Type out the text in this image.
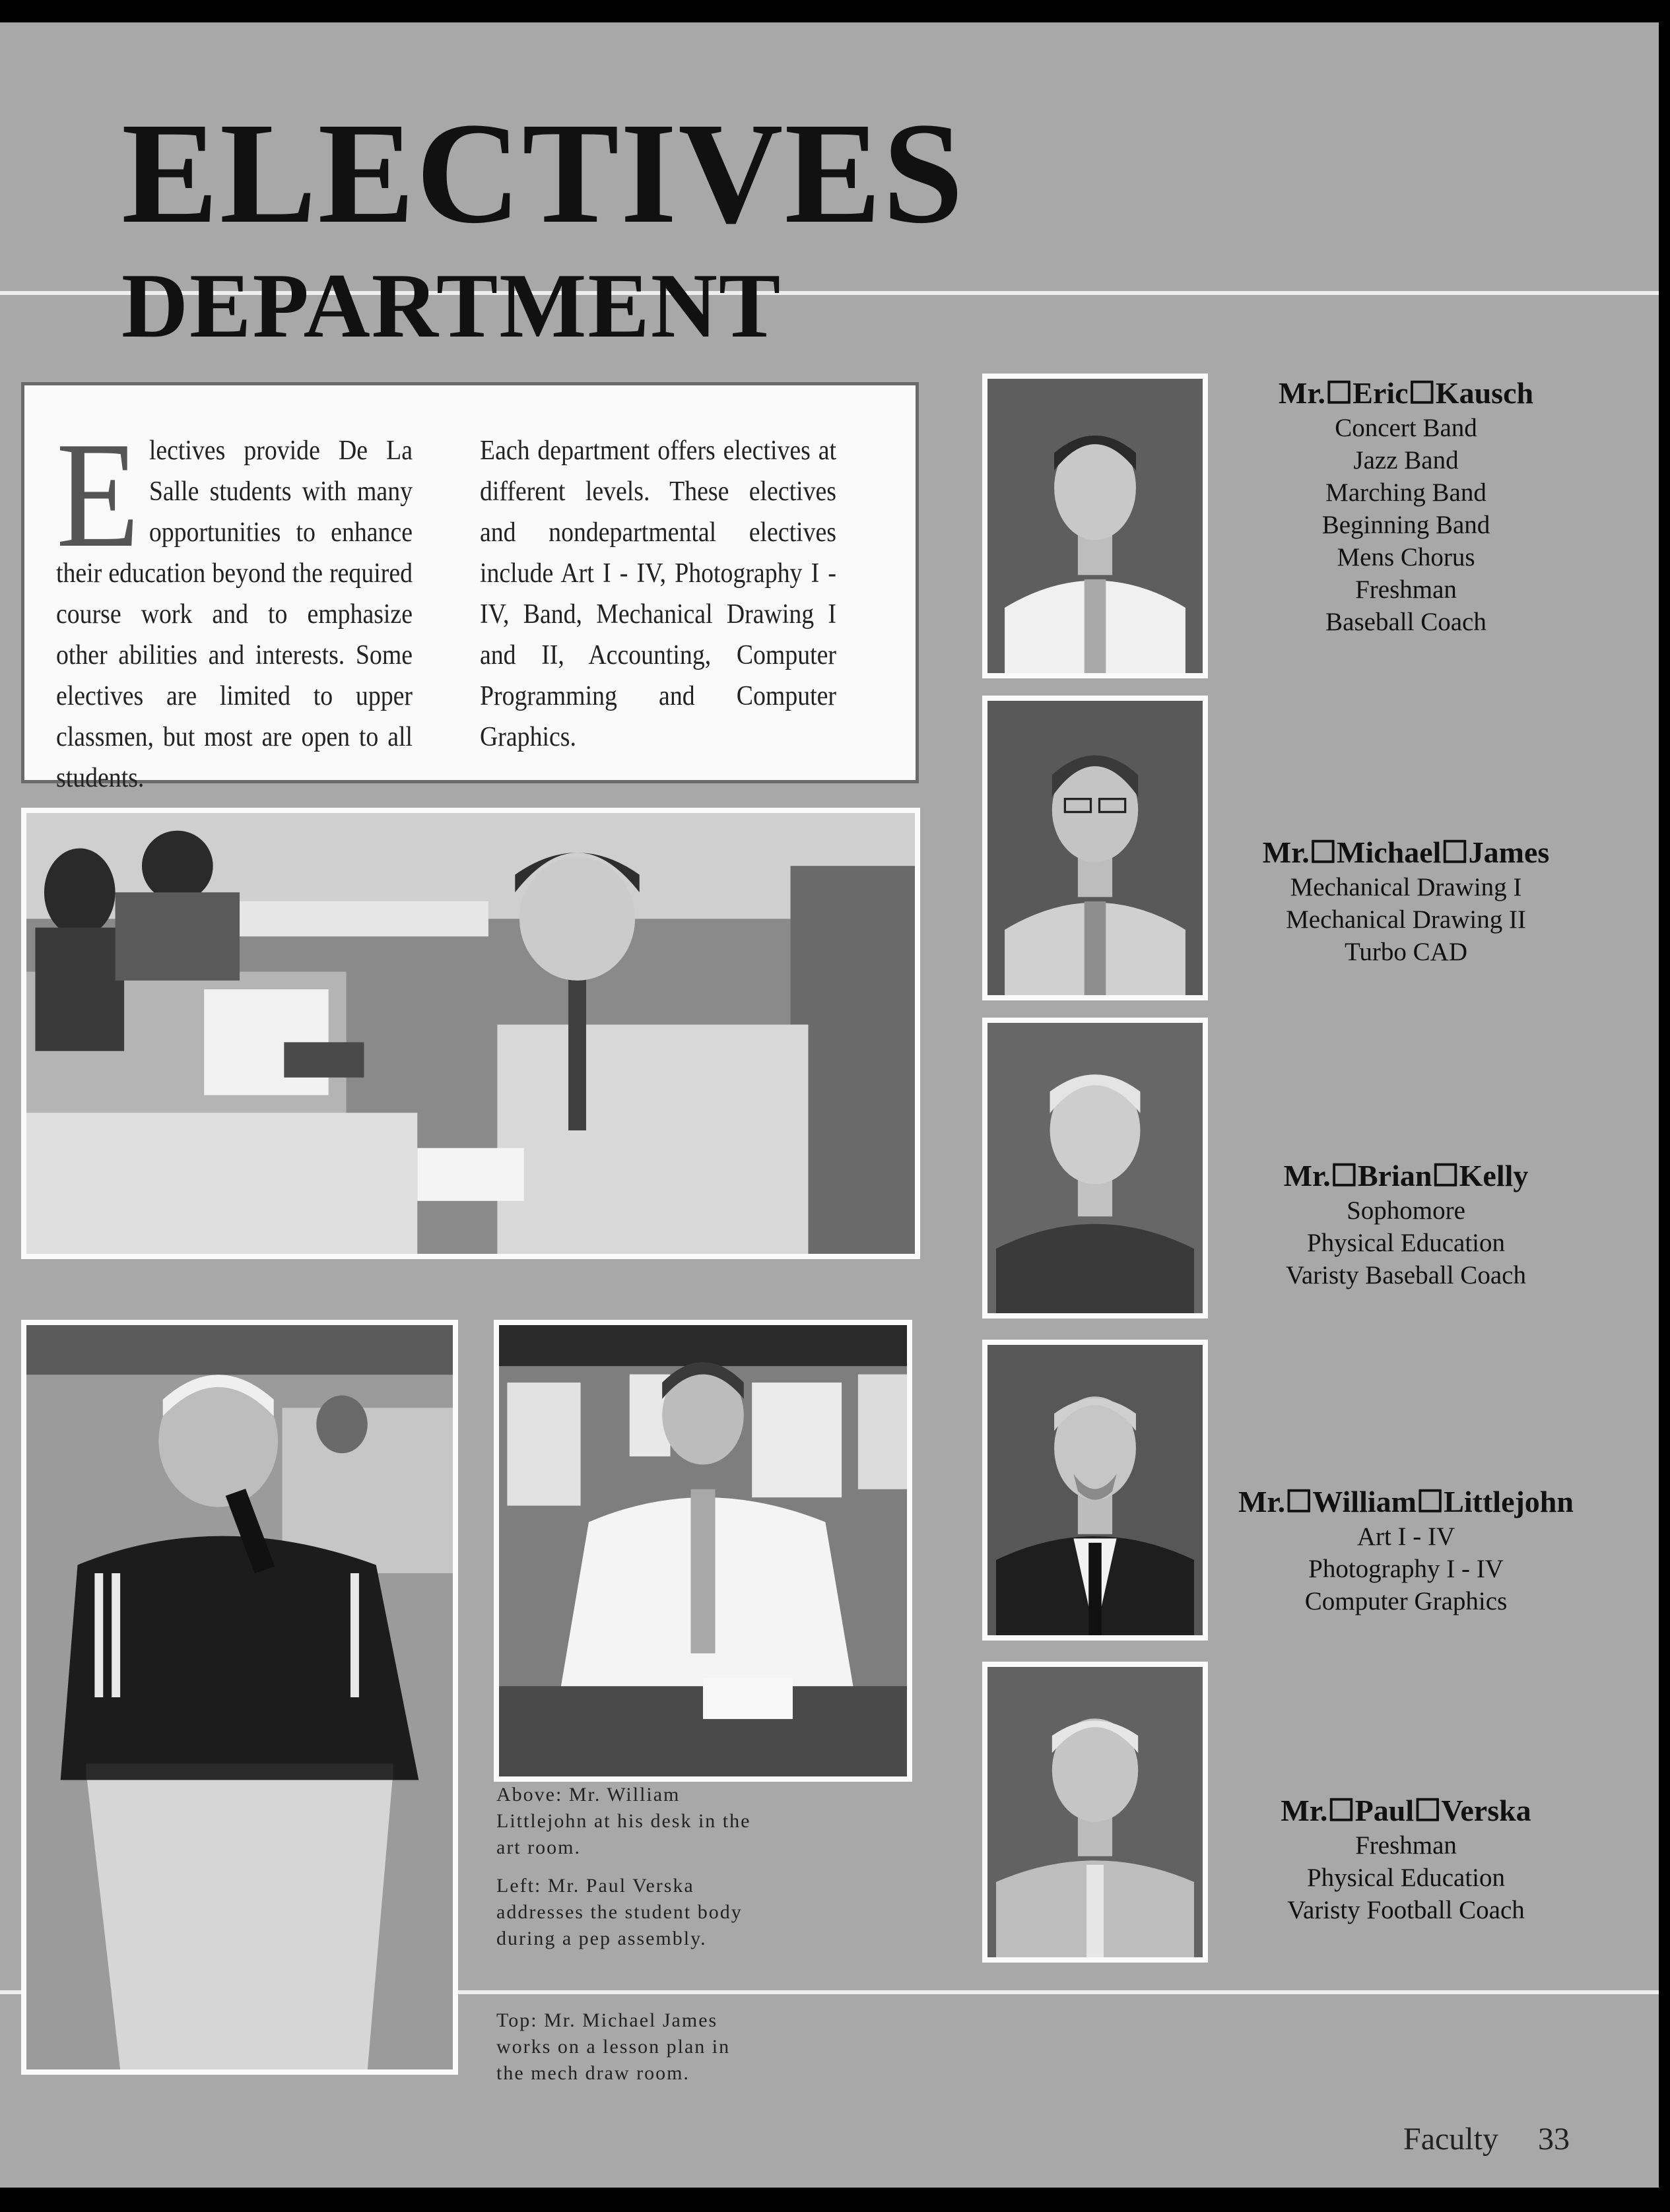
ELECTIVES
DEPARTMENT
Electives provide De La Salle students with many opportunities to enhance their education beyond the required course work and to emphasize other abilities and interests. Some electives are limited to upper classmen, but most are open to all students.
Each department offers electives at different levels. These electives and nondepartmental electives include Art I - IV, Photography I - IV, Band, Mechanical Drawing I and II, Accounting, Computer Programming and Computer Graphics.
Mr.☐Eric☐Kausch
Concert Band
Jazz Band
Marching Band
Beginning Band
Mens Chorus
Freshman
Baseball Coach
Mr.☐Michael☐James
Mechanical Drawing I
Mechanical Drawing II
Turbo CAD
Mr.☐Brian☐Kelly
Sophomore
Physical Education
Varisty Baseball Coach
Mr.☐William☐Littlejohn
Art I - IV
Photography I - IV
Computer Graphics
Mr.☐Paul☐Verska
Freshman
Physical Education
Varisty Football Coach

Above: Mr. William Littlejohn at his desk in the art room.

Left: Mr. Paul Verska addresses the student body during a pep assembly.

Top: Mr. Michael James works on a lesson plan in the mech draw room.

Faculty 33
